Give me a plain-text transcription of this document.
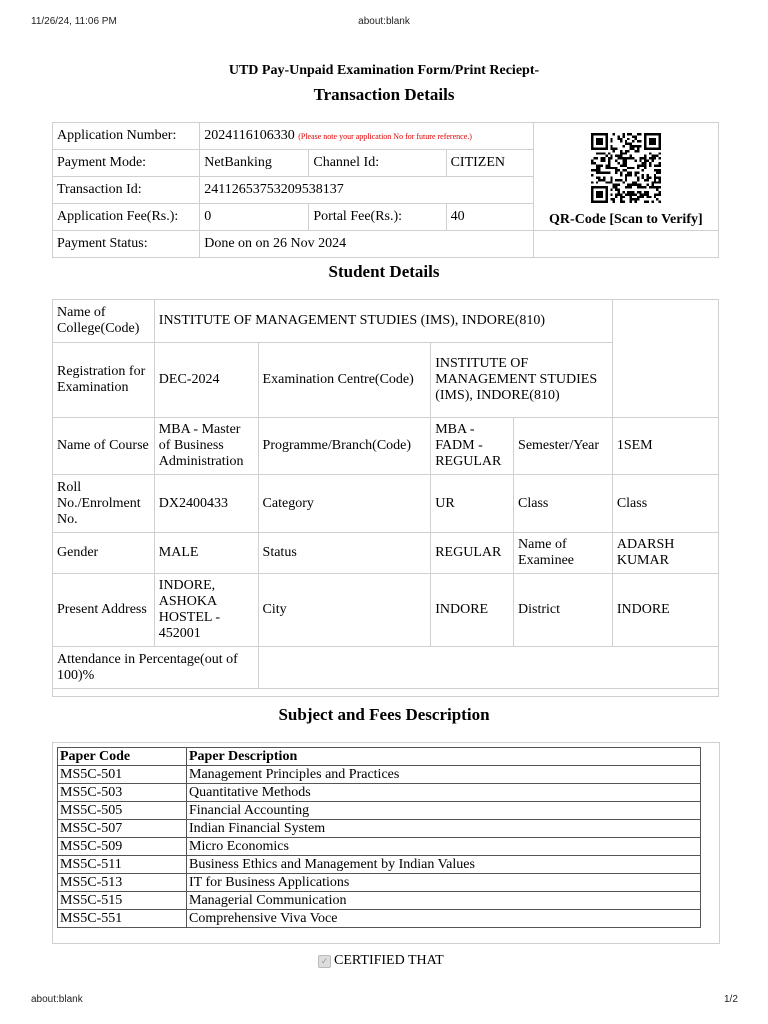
11/26/24, 11:06 PM	about:blank
UTD Pay-Unpaid Examination Form/Print Reciept-
Transaction Details
Application Number:	2024116106330 (Please note your application No for future reference.)			QR-Code [Scan to Verify]

Payment Mode:	NetBanking	Channel Id:	CITIZEN	
Transaction Id:	24112653753209538137			
Application Fee(Rs.):	0	Portal Fee(Rs.):	40	
Payment Status:	Done on on 26 Nov 2024			
Student Details
Name of College(Code)	INSTITUTE OF MANAGEMENT STUDIES (IMS), INDORE(810)				
Registration for Examination	DEC-2024	Examination Centre(Code)	INSTITUTE OF MANAGEMENT STUDIES (IMS), INDORE(810)		
Name of Course	MBA - Master of Business Administration	Programme/Branch(Code)	MBA - FADM - REGULAR	Semester/Year	1SEM
Roll No./Enrolment No.	DX2400433	Category	UR	Class	Class
Gender	MALE	Status	REGULAR	Name of Examinee	ADARSH KUMAR
Present Address	INDORE, ASHOKA HOSTEL - 452001	City	INDORE	District	INDORE
Attendance in Percentage(out of 100)%					

Subject and Fees Description
Paper Code	Paper Description
MS5C-501	Management Principles and Practices
MS5C-503	Quantitative Methods
MS5C-505	Financial Accounting
MS5C-507	Indian Financial System
MS5C-509	Micro Economics
MS5C-511	Business Ethics and Management by Indian Values
MS5C-513	IT for Business Applications
MS5C-515	Managerial Communication
MS5C-551	Comprehensive Viva Voce
✓ CERTIFIED THAT
about:blank	1/2
